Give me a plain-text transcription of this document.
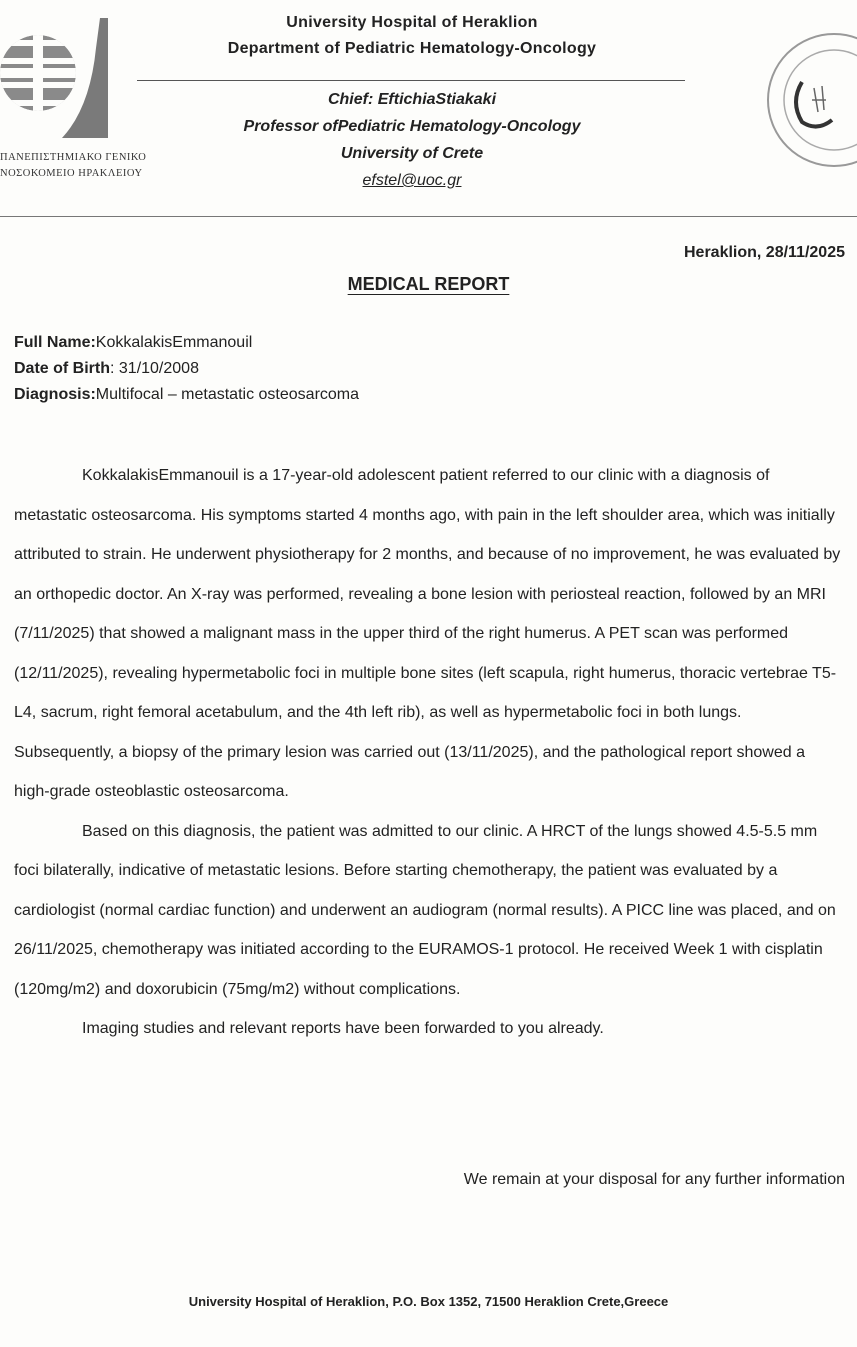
ΠΑΝΕΠΙΣΤΗΜΙΑΚΟ ΓΕΝΙΚΟ
ΝΟΣΟΚΟΜΕΙΟ ΗΡΑΚΛΕΙΟΥ
University Hospital of Heraklion
Department of Pediatric Hematology-Oncology
Chief: EftichiaStiakaki
Professor ofPediatric Hematology-Oncology
University of Crete
efstel@uoc.gr
Heraklion, 28/11/2025
MEDICAL REPORT
Full Name:KokkalakisEmmanouil
Date of Birth: 31/10/2008
Diagnosis:Multifocal – metastatic osteosarcoma

KokkalakisEmmanouil is a 17-year-old adolescent patient referred to our clinic with a diagnosis of metastatic osteosarcoma. His symptoms started 4 months ago, with pain in the left shoulder area, which was initially attributed to strain. He underwent physiotherapy for 2 months, and because of no improvement, he was evaluated by an orthopedic doctor. An X-ray was performed, revealing a bone lesion with periosteal reaction, followed by an MRI (7/11/2025) that showed a malignant mass in the upper third of the right humerus. A PET scan was performed (12/11/2025), revealing hypermetabolic foci in multiple bone sites (left scapula, right humerus, thoracic vertebrae T5-L4, sacrum, right femoral acetabulum, and the 4th left rib), as well as hypermetabolic foci in both lungs. Subsequently, a biopsy of the primary lesion was carried out (13/11/2025), and the pathological report showed a high-grade osteoblastic osteosarcoma.

Based on this diagnosis, the patient was admitted to our clinic. A HRCT of the lungs showed 4.5-5.5 mm foci bilaterally, indicative of metastatic lesions. Before starting chemotherapy, the patient was evaluated by a cardiologist (normal cardiac function) and underwent an audiogram (normal results). A PICC line was placed, and on 26/11/2025, chemotherapy was initiated according to the EURAMOS-1 protocol. He received Week 1 with cisplatin (120mg/m2) and doxorubicin (75mg/m2) without complications.

Imaging studies and relevant reports have been forwarded to you already.

We remain at your disposal for any further information
University Hospital of Heraklion, P.O. Box 1352, 71500 Heraklion Crete,Greece
